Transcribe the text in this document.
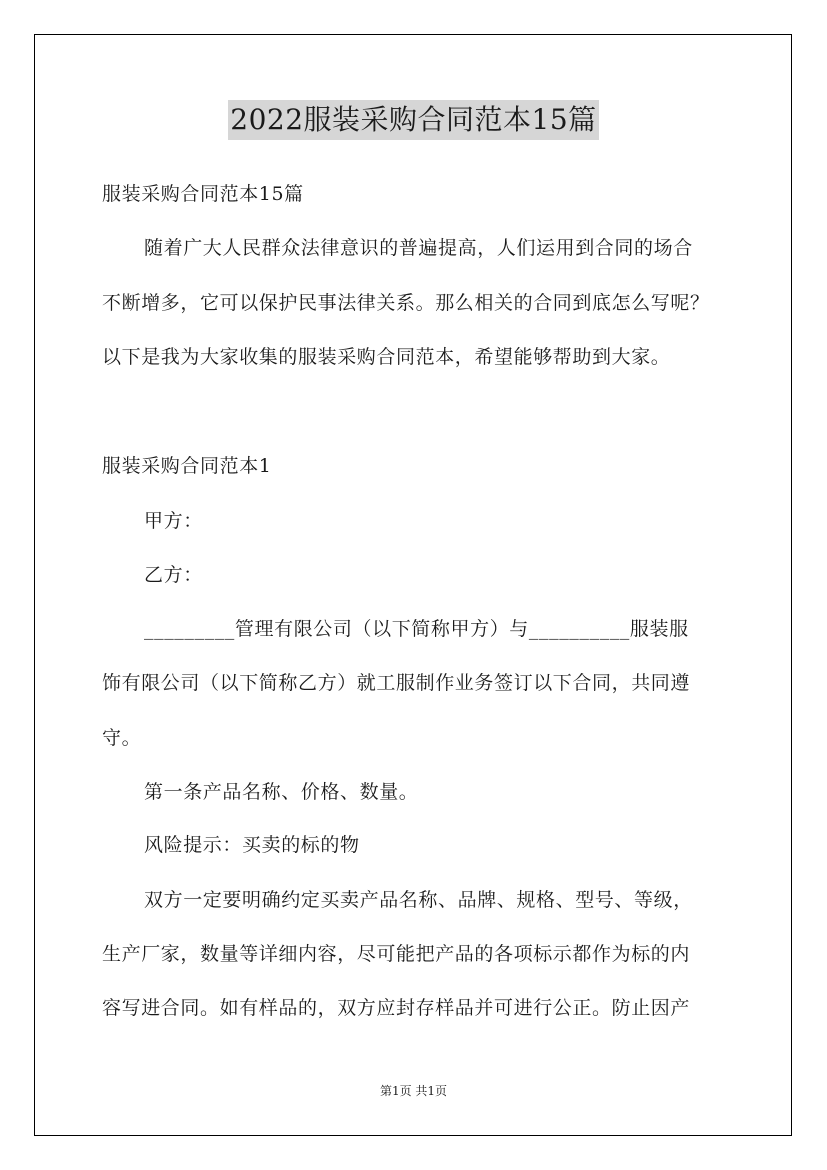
2022服装采购合同范本15篇
服装采购合同范本15篇
随着广大人民群众法律意识的普遍提高，人们运用到合同的场合
不断增多，它可以保护民事法律关系。那么相关的合同到底怎么写呢？
以下是我为大家收集的服装采购合同范本，希望能够帮助到大家。
服装采购合同范本1
甲方：
乙方：
_________管理有限公司（以下简称甲方）与__________服装服
饰有限公司（以下简称乙方）就工服制作业务签订以下合同，共同遵
守。
第一条产品名称、价格、数量。
风险提示：买卖的标的物
双方一定要明确约定买卖产品名称、品牌、规格、型号、等级，
生产厂家，数量等详细内容，尽可能把产品的各项标示都作为标的内
容写进合同。如有样品的，双方应封存样品并可进行公正。防止因产
第1页 共1页
